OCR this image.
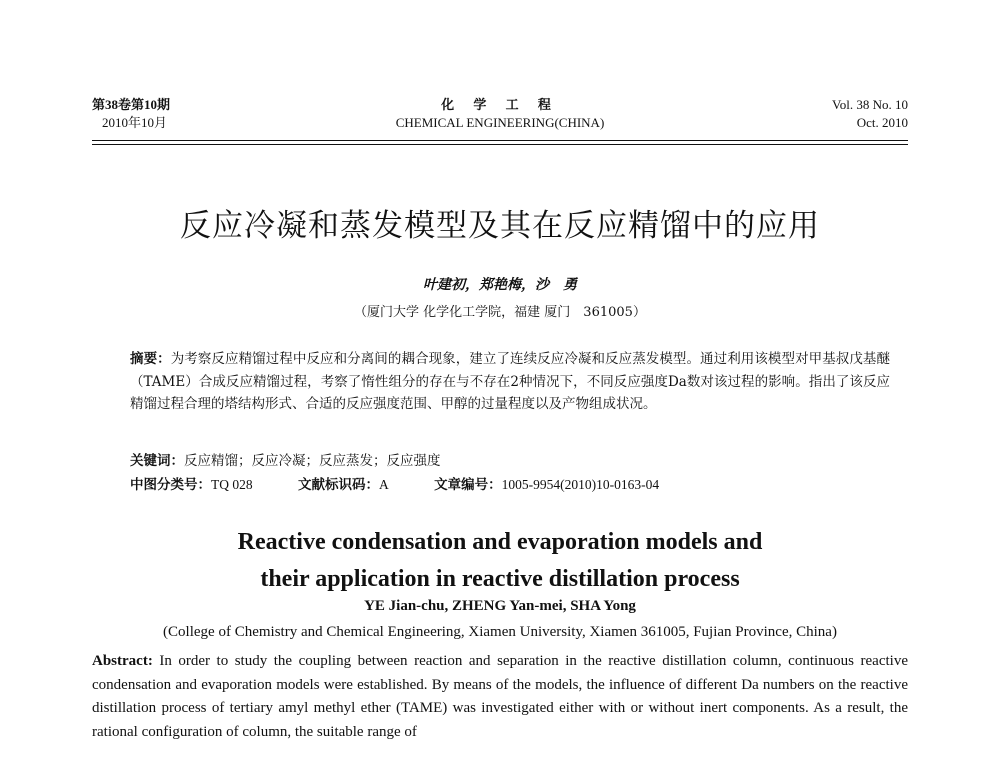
第38卷第10期
2010年10月
化 学 工 程
CHEMICAL ENGINEERING(CHINA)
Vol. 38 No. 10
Oct. 2010
反应冷凝和蒸发模型及其在反应精馏中的应用
叶建初，郑艳梅，沙　勇
（厦门大学 化学化工学院，福建 厦门　361005）
摘要：为考察反应精馏过程中反应和分离间的耦合现象，建立了连续反应冷凝和反应蒸发模型。通过利用该模型对甲基叔戊基醚（TAME）合成反应精馏过程，考察了惰性组分的存在与不存在2种情况下，不同反应强度Da数对该过程的影响。指出了该反应精馏过程合理的塔结构形式、合适的反应强度范围、甲醇的过量程度以及产物组成状况。
关键词：反应精馏；反应冷凝；反应蒸发；反应强度
中图分类号：TQ 028	文献标识码：A	文章编号：1005-9954(2010)10-0163-04
Reactive condensation and evaporation models and
their application in reactive distillation process
YE Jian-chu, ZHENG Yan-mei, SHA Yong
(College of Chemistry and Chemical Engineering, Xiamen University, Xiamen 361005, Fujian Province, China)
Abstract: In order to study the coupling between reaction and separation in the reactive distillation column, continuous reactive condensation and evaporation models were established. By means of the models, the influence of different Da numbers on the reactive distillation process of tertiary amyl methyl ether (TAME) was investigated either with or without inert components. As a result, the rational configuration of column, the suitable range of
